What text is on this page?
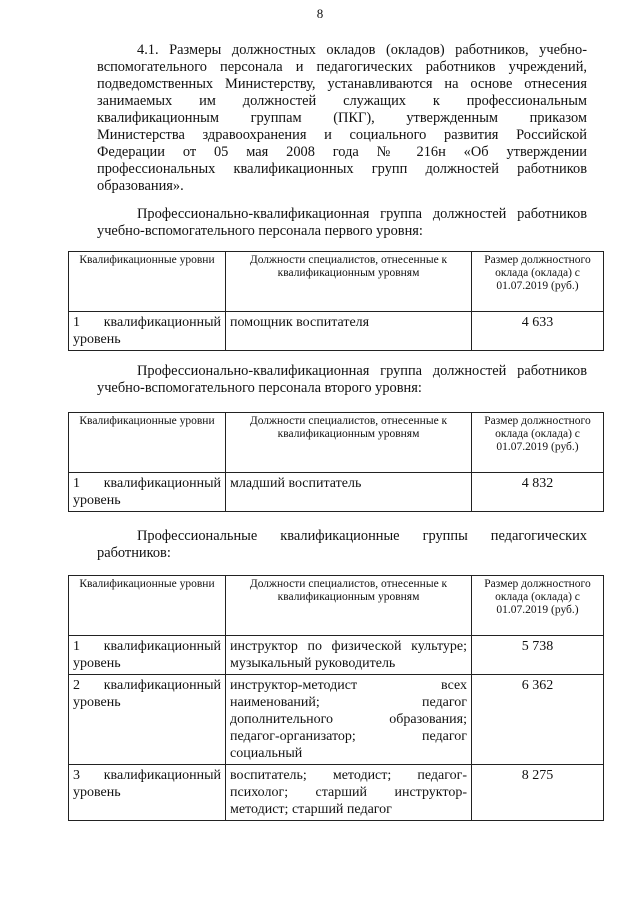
8
4.1. Размеры должностных окладов (окладов) работников, учебно-
вспомогательного персонала и педагогических работников учреждений,
подведомственных Министерству, устанавливаются на основе отнесения
занимаемых им должностей служащих к профессиональным
квалификационным группам (ПКГ), утвержденным приказом
Министерства здравоохранения и социального развития Российской
Федерации от 05 мая 2008 года № 216н «Об утверждении
профессиональных квалификационных групп должностей работников
образования».
Профессионально-квалификационная группа должностей работников
учебно-вспомогательного персонала первого уровня:
Квалификационные уровни	Должности специалистов, отнесенные к квалификационным уровням	Размер должностного оклада (оклада) с 01.07.2019 (руб.)
1 квалификационный уровень	помощник воспитателя	4 633
Профессионально-квалификационная группа должностей работников
учебно-вспомогательного персонала второго уровня:
Квалификационные уровни	Должности специалистов, отнесенные к квалификационным уровням	Размер должностного оклада (оклада) с 01.07.2019 (руб.)
1 квалификационный уровень	младший воспитатель	4 832
Профессиональные квалификационные группы педагогических
работников:
Квалификационные уровни	Должности специалистов, отнесенные к квалификационным уровням	Размер должностного оклада (оклада) с 01.07.2019 (руб.)
1 квалификационный уровень	инструктор по физической культуре; музыкальный руководитель	5 738
2 квалификационный уровень	инструктор-методист всех наименований; педагог дополнительного образования; педагог-организатор; педагог социальный	6 362
3 квалификационный уровень	воспитатель; методист; педагог-психолог; старший инструктор-методист; старший педагог	8 275
